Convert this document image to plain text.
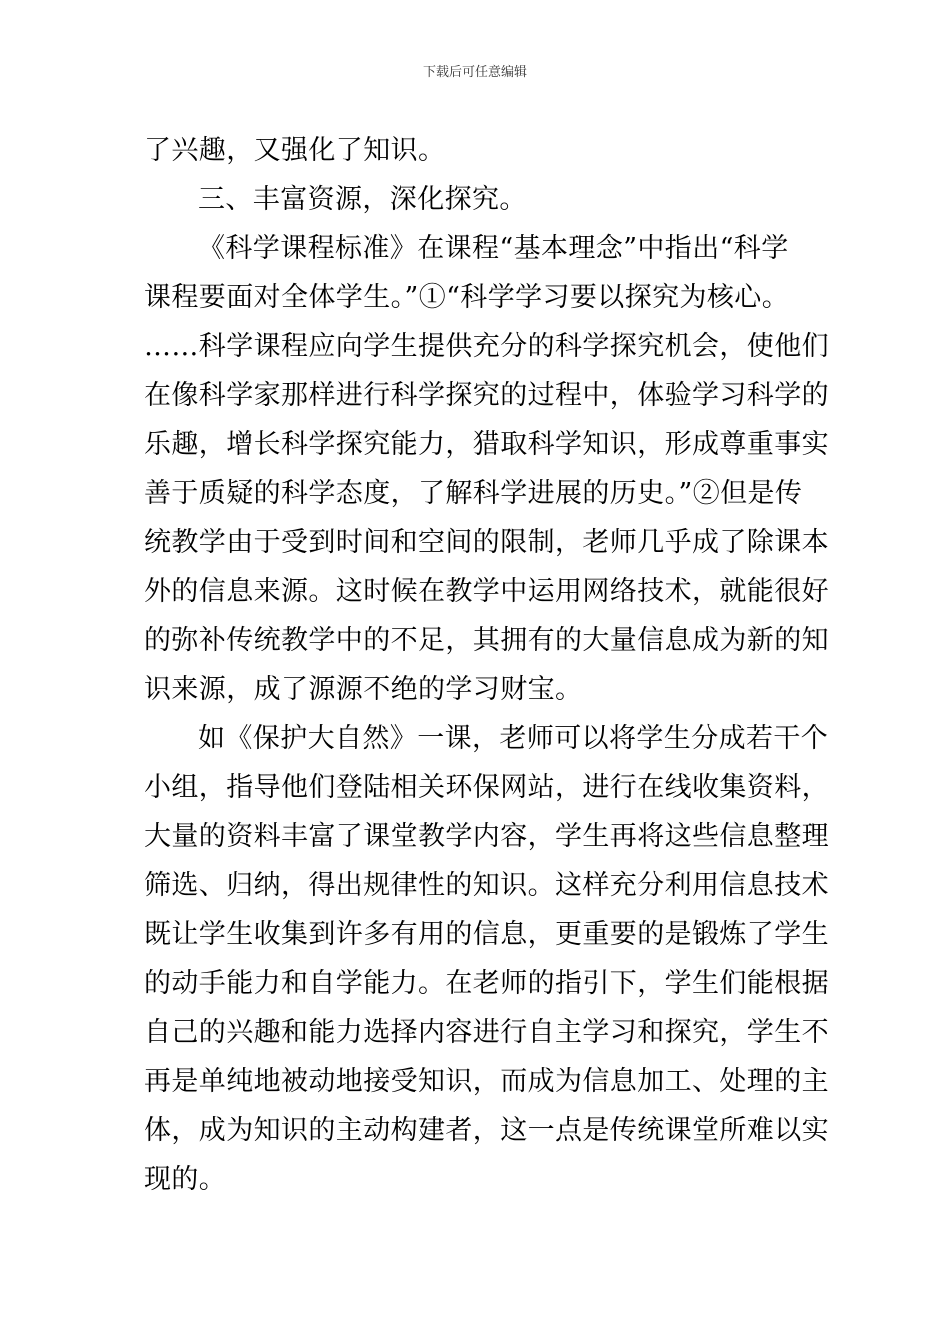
下载后可任意编辑
了兴趣，又强化了知识。
三、丰富资源，深化探究。
《科学课程标准》在课程“基本理念”中指出“科学
课程要面对全体学生。”①“科学学习要以探究为核心。
……科学课程应向学生提供充分的科学探究机会，使他们
在像科学家那样进行科学探究的过程中，体验学习科学的
乐趣，增长科学探究能力，猎取科学知识，形成尊重事实
善于质疑的科学态度，了解科学进展的历史。”②但是传
统教学由于受到时间和空间的限制，老师几乎成了除课本
外的信息来源。这时候在教学中运用网络技术，就能很好
的弥补传统教学中的不足，其拥有的大量信息成为新的知
识来源，成了源源不绝的学习财宝。
如《保护大自然》一课，老师可以将学生分成若干个
小组，指导他们登陆相关环保网站，进行在线收集资料，
大量的资料丰富了课堂教学内容，学生再将这些信息整理
筛选、归纳，得出规律性的知识。这样充分利用信息技术
既让学生收集到许多有用的信息，更重要的是锻炼了学生
的动手能力和自学能力。在老师的指引下，学生们能根据
自己的兴趣和能力选择内容进行自主学习和探究，学生不
再是单纯地被动地接受知识，而成为信息加工、处理的主
体，成为知识的主动构建者，这一点是传统课堂所难以实
现的。
